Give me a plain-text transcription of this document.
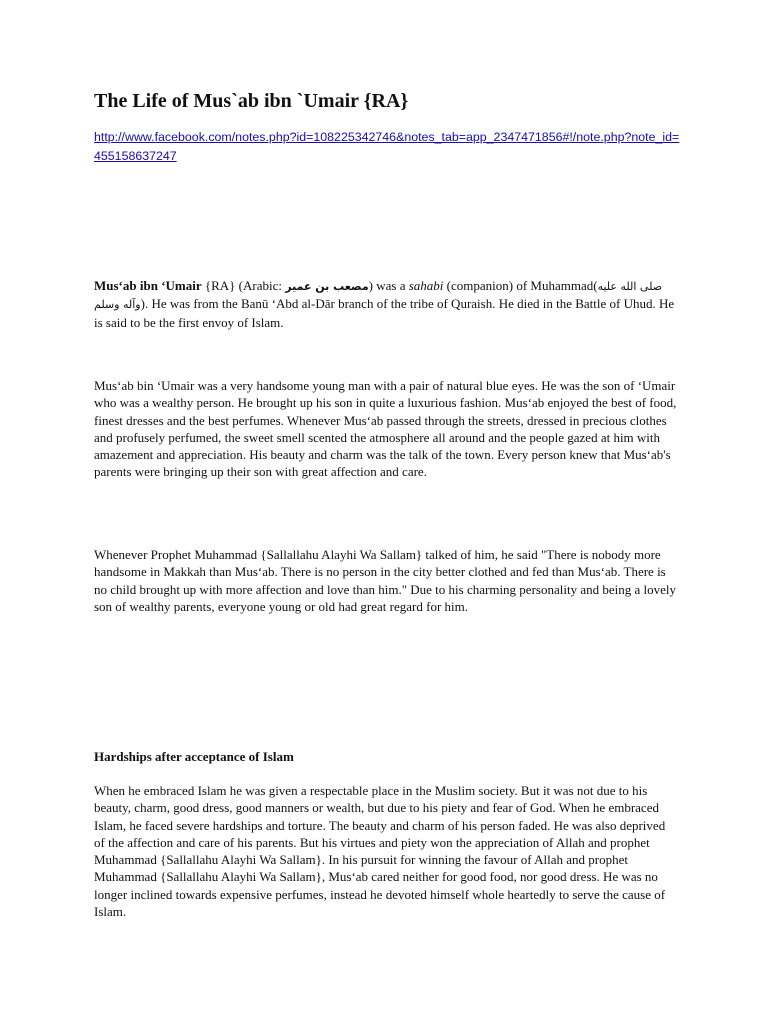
The Life of Mus`ab ibn `Umair {RA}
http://www.facebook.com/notes.php?id=108225342746&notes_tab=app_2347471856#!/note.php?note_id=455158637247

Mus‘ab ibn ‘Umair {RA} (Arabic: مصعب بن عمير) was a sahabi (companion) of Muhammad(صلى الله عليه وآله وسلم). He was from the Banū ‘Abd al-Dār branch of the tribe of Quraish. He died in the Battle of Uhud. He is said to be the first envoy of Islam.

Mus‘ab bin ‘Umair was a very handsome young man with a pair of natural blue eyes. He was the son of ‘Umair who was a wealthy person. He brought up his son in quite a luxurious fashion. Mus‘ab enjoyed the best of food, finest dresses and the best perfumes. Whenever Mus‘ab passed through the streets, dressed in precious clothes and profusely perfumed, the sweet smell scented the atmosphere all around and the people gazed at him with amazement and appreciation. His beauty and charm was the talk of the town. Every person knew that Mus‘ab's parents were bringing up their son with great affection and care.

Whenever Prophet Muhammad {Sallallahu Alayhi Wa Sallam} talked of him, he said "There is nobody more handsome in Makkah than Mus‘ab. There is no person in the city better clothed and fed than Mus‘ab. There is no child brought up with more affection and love than him." Due to his charming personality and being a lovely son of wealthy parents, everyone young or old had great regard for him.

Hardships after acceptance of Islam

When he embraced Islam he was given a respectable place in the Muslim society. But it was not due to his beauty, charm, good dress, good manners or wealth, but due to his piety and fear of God. When he embraced Islam, he faced severe hardships and torture. The beauty and charm of his person faded. He was also deprived of the affection and care of his parents. But his virtues and piety won the appreciation of Allah and prophet Muhammad {Sallallahu Alayhi Wa Sallam}. In his pursuit for winning the favour of Allah and prophet Muhammad {Sallallahu Alayhi Wa Sallam}, Mus‘ab cared neither for good food, nor good dress. He was no longer inclined towards expensive perfumes, instead he devoted himself whole heartedly to serve the cause of Islam.
